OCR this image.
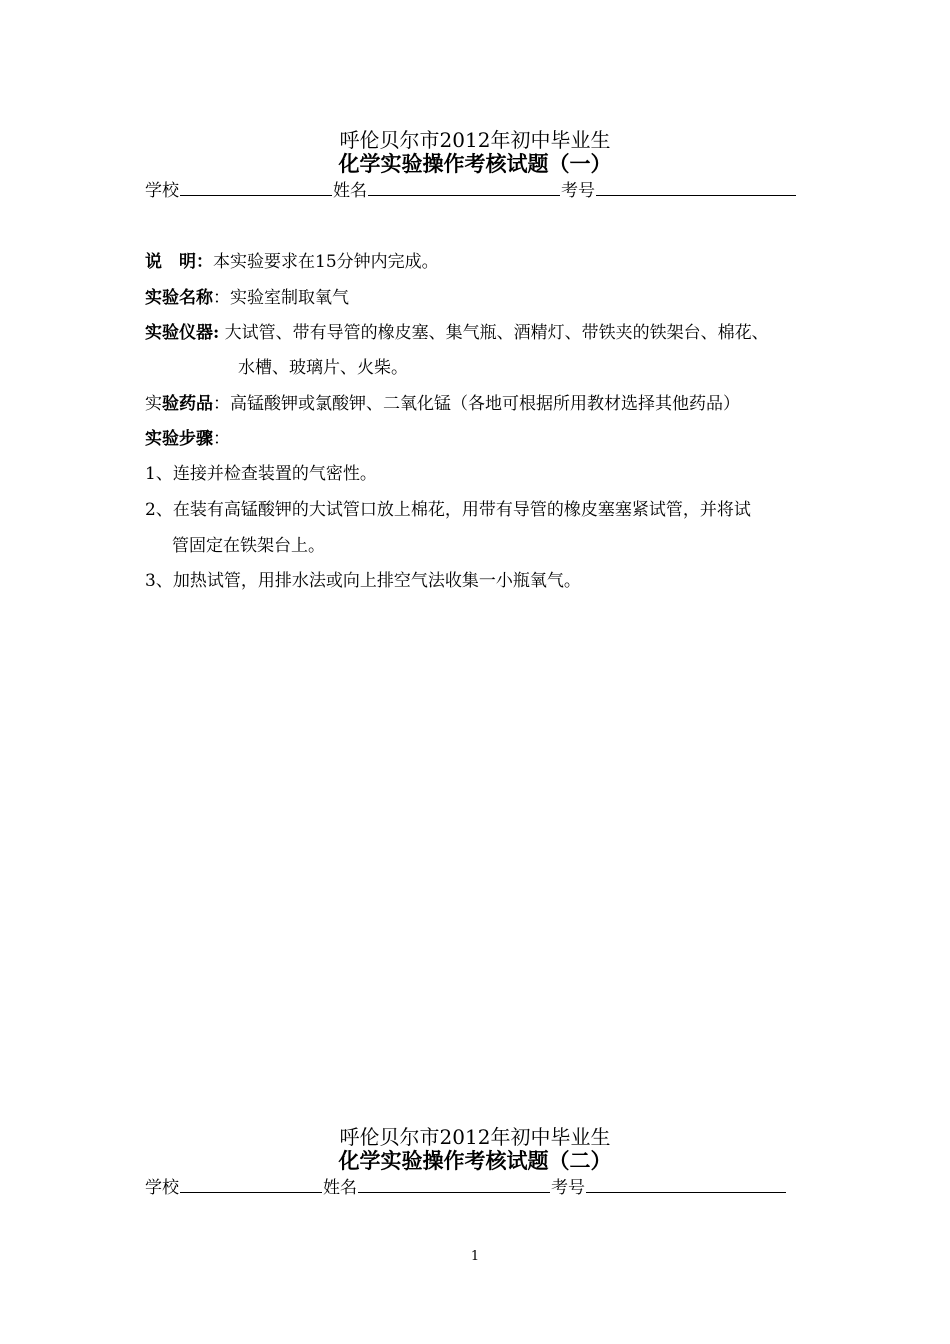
呼伦贝尔市2012年初中毕业生
化学实验操作考核试题（一）
学校	姓名	考号
说　明：本实验要求在15分钟内完成。
实验名称：实验室制取氧气
实验仪器: 大试管、带有导管的橡皮塞、集气瓶、酒精灯、带铁夹的铁架台、棉花、
水槽、玻璃片、火柴。
实验药品：高锰酸钾或氯酸钾、二氧化锰（各地可根据所用教材选择其他药品）
实验步骤：
1、连接并检查装置的气密性。
2、在装有高锰酸钾的大试管口放上棉花，用带有导管的橡皮塞塞紧试管，并将试
管固定在铁架台上。
3、加热试管，用排水法或向上排空气法收集一小瓶氧气。
呼伦贝尔市2012年初中毕业生
化学实验操作考核试题（二）
学校	姓名	考号
1
